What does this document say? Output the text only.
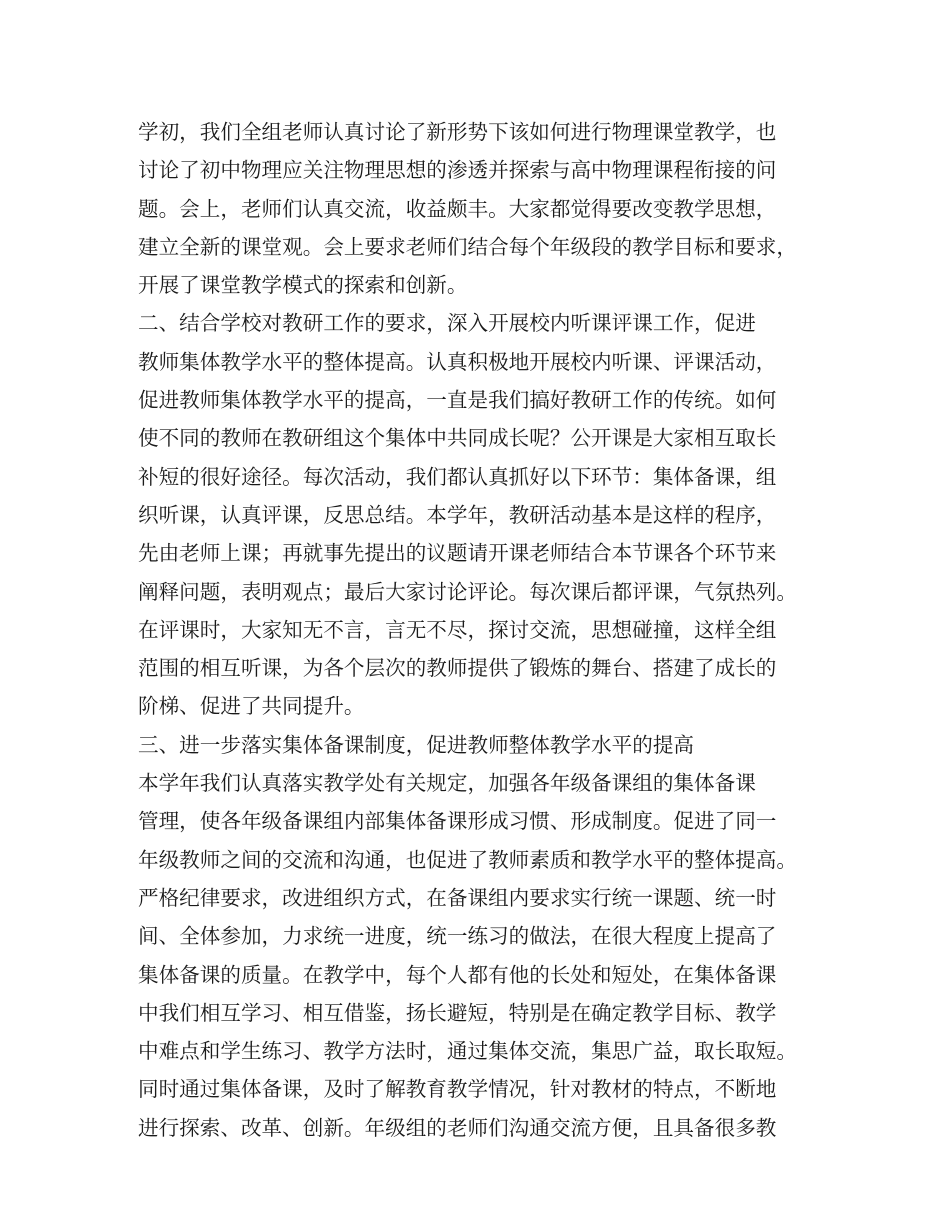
学初，我们全组老师认真讨论了新形势下该如何进行物理课堂教学，也
讨论了初中物理应关注物理思想的渗透并探索与高中物理课程衔接的问
题。会上，老师们认真交流，收益颇丰。大家都觉得要改变教学思想，
建立全新的课堂观。会上要求老师们结合每个年级段的教学目标和要求，
开展了课堂教学模式的探索和创新。
二、结合学校对教研工作的要求，深入开展校内听课评课工作，促进
教师集体教学水平的整体提高。认真积极地开展校内听课、评课活动，
促进教师集体教学水平的提高，一直是我们搞好教研工作的传统。如何
使不同的教师在教研组这个集体中共同成长呢？公开课是大家相互取长
补短的很好途径。每次活动，我们都认真抓好以下环节：集体备课，组
织听课，认真评课，反思总结。本学年，教研活动基本是这样的程序，
先由老师上课；再就事先提出的议题请开课老师结合本节课各个环节来
阐释问题，表明观点；最后大家讨论评论。每次课后都评课，气氛热列。
在评课时，大家知无不言，言无不尽，探讨交流，思想碰撞，这样全组
范围的相互听课，为各个层次的教师提供了锻炼的舞台、搭建了成长的
阶梯、促进了共同提升。
三、进一步落实集体备课制度，促进教师整体教学水平的提高
本学年我们认真落实教学处有关规定，加强各年级备课组的集体备课
管理，使各年级备课组内部集体备课形成习惯、形成制度。促进了同一
年级教师之间的交流和沟通，也促进了教师素质和教学水平的整体提高。
严格纪律要求，改进组织方式，在备课组内要求实行统一课题、统一时
间、全体参加，力求统一进度，统一练习的做法，在很大程度上提高了
集体备课的质量。在教学中，每个人都有他的长处和短处，在集体备课
中我们相互学习、相互借鉴，扬长避短，特别是在确定教学目标、教学
中难点和学生练习、教学方法时，通过集体交流，集思广益，取长取短。
同时通过集体备课，及时了解教育教学情况，针对教材的特点，不断地
进行探索、改革、创新。年级组的老师们沟通交流方便，且具备很多教
